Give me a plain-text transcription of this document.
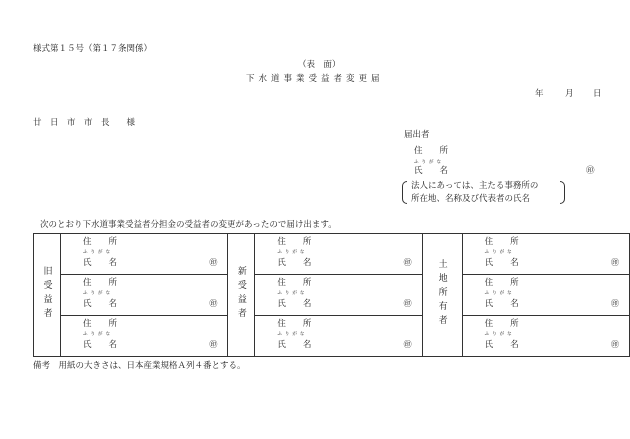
様式第１５号（第１７条関係）
（表　面）
下水道事業受益者変更届
年	月 日
廿　日　市　市　長　　様
届出者
住　　所
ふりがな
氏　　名	㊞
法人にあっては、主たる事務所の
所在地、名称及び代表者の氏名
次のとおり下水道事業受益者分担金の受益者の変更があったので届け出ます。
旧受益者	住　　所
ふりがな
氏　　名 ㊞	新受益者	住　　所
ふりがな
氏　　名 ㊞	土地所有者	住　　所
ふりがな
氏　　名 ㊞

	住　　所
ふりがな
氏　　名 ㊞		住　　所
ふりがな
氏　　名 ㊞		住　　所
ふりがな
氏　　名 ㊞

	住　　所
ふりがな
氏　　名 ㊞		住　　所
ふりがな
氏　　名 ㊞		住　　所
ふりがな
氏　　名 ㊞
備考　用紙の大きさは、日本産業規格Ａ列４番とする。
